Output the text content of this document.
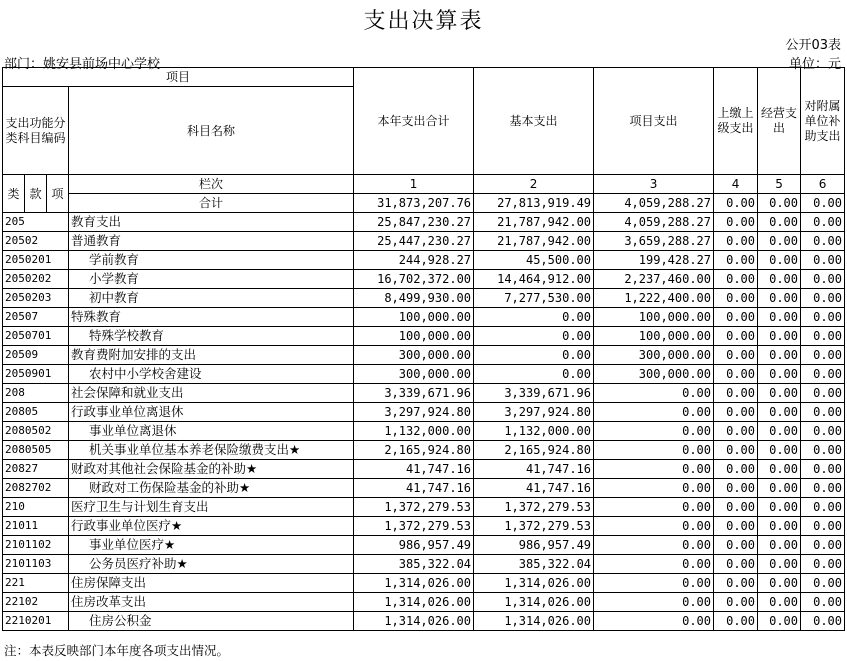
支出决算表
公开03表
部门：姚安县前场中心学校	单位：元
项目				本年支出合计	基本支出	项目支出	上缴上级支出	经营支出	对附属单位补助支出
支出功能分类科目编码			科目名称						

类	款	项	栏次	1	2	3	4	5	6
			合计	31,873,207.76	27,813,919.49	4,059,288.27	0.00	0.00	0.00
205			教育支出	25,847,230.27	21,787,942.00	4,059,288.27	0.00	0.00	0.00
20502			普通教育	25,447,230.27	21,787,942.00	3,659,288.27	0.00	0.00	0.00
2050201			学前教育	244,928.27	45,500.00	199,428.27	0.00	0.00	0.00
2050202			小学教育	16,702,372.00	14,464,912.00	2,237,460.00	0.00	0.00	0.00
2050203			初中教育	8,499,930.00	7,277,530.00	1,222,400.00	0.00	0.00	0.00
20507			特殊教育	100,000.00	0.00	100,000.00	0.00	0.00	0.00
2050701			特殊学校教育	100,000.00	0.00	100,000.00	0.00	0.00	0.00
20509			教育费附加安排的支出	300,000.00	0.00	300,000.00	0.00	0.00	0.00
2050901			农村中小学校舍建设	300,000.00	0.00	300,000.00	0.00	0.00	0.00
208			社会保障和就业支出	3,339,671.96	3,339,671.96	0.00	0.00	0.00	0.00
20805			行政事业单位离退休	3,297,924.80	3,297,924.80	0.00	0.00	0.00	0.00
2080502			事业单位离退休	1,132,000.00	1,132,000.00	0.00	0.00	0.00	0.00
2080505			机关事业单位基本养老保险缴费支出★	2,165,924.80	2,165,924.80	0.00	0.00	0.00	0.00
20827			财政对其他社会保险基金的补助★	41,747.16	41,747.16	0.00	0.00	0.00	0.00
2082702			财政对工伤保险基金的补助★	41,747.16	41,747.16	0.00	0.00	0.00	0.00
210			医疗卫生与计划生育支出	1,372,279.53	1,372,279.53	0.00	0.00	0.00	0.00
21011			行政事业单位医疗★	1,372,279.53	1,372,279.53	0.00	0.00	0.00	0.00
2101102			事业单位医疗★	986,957.49	986,957.49	0.00	0.00	0.00	0.00
2101103			公务员医疗补助★	385,322.04	385,322.04	0.00	0.00	0.00	0.00
221			住房保障支出	1,314,026.00	1,314,026.00	0.00	0.00	0.00	0.00
22102			住房改革支出	1,314,026.00	1,314,026.00	0.00	0.00	0.00	0.00
2210201			住房公积金	1,314,026.00	1,314,026.00	0.00	0.00	0.00	0.00
注：本表反映部门本年度各项支出情况。
